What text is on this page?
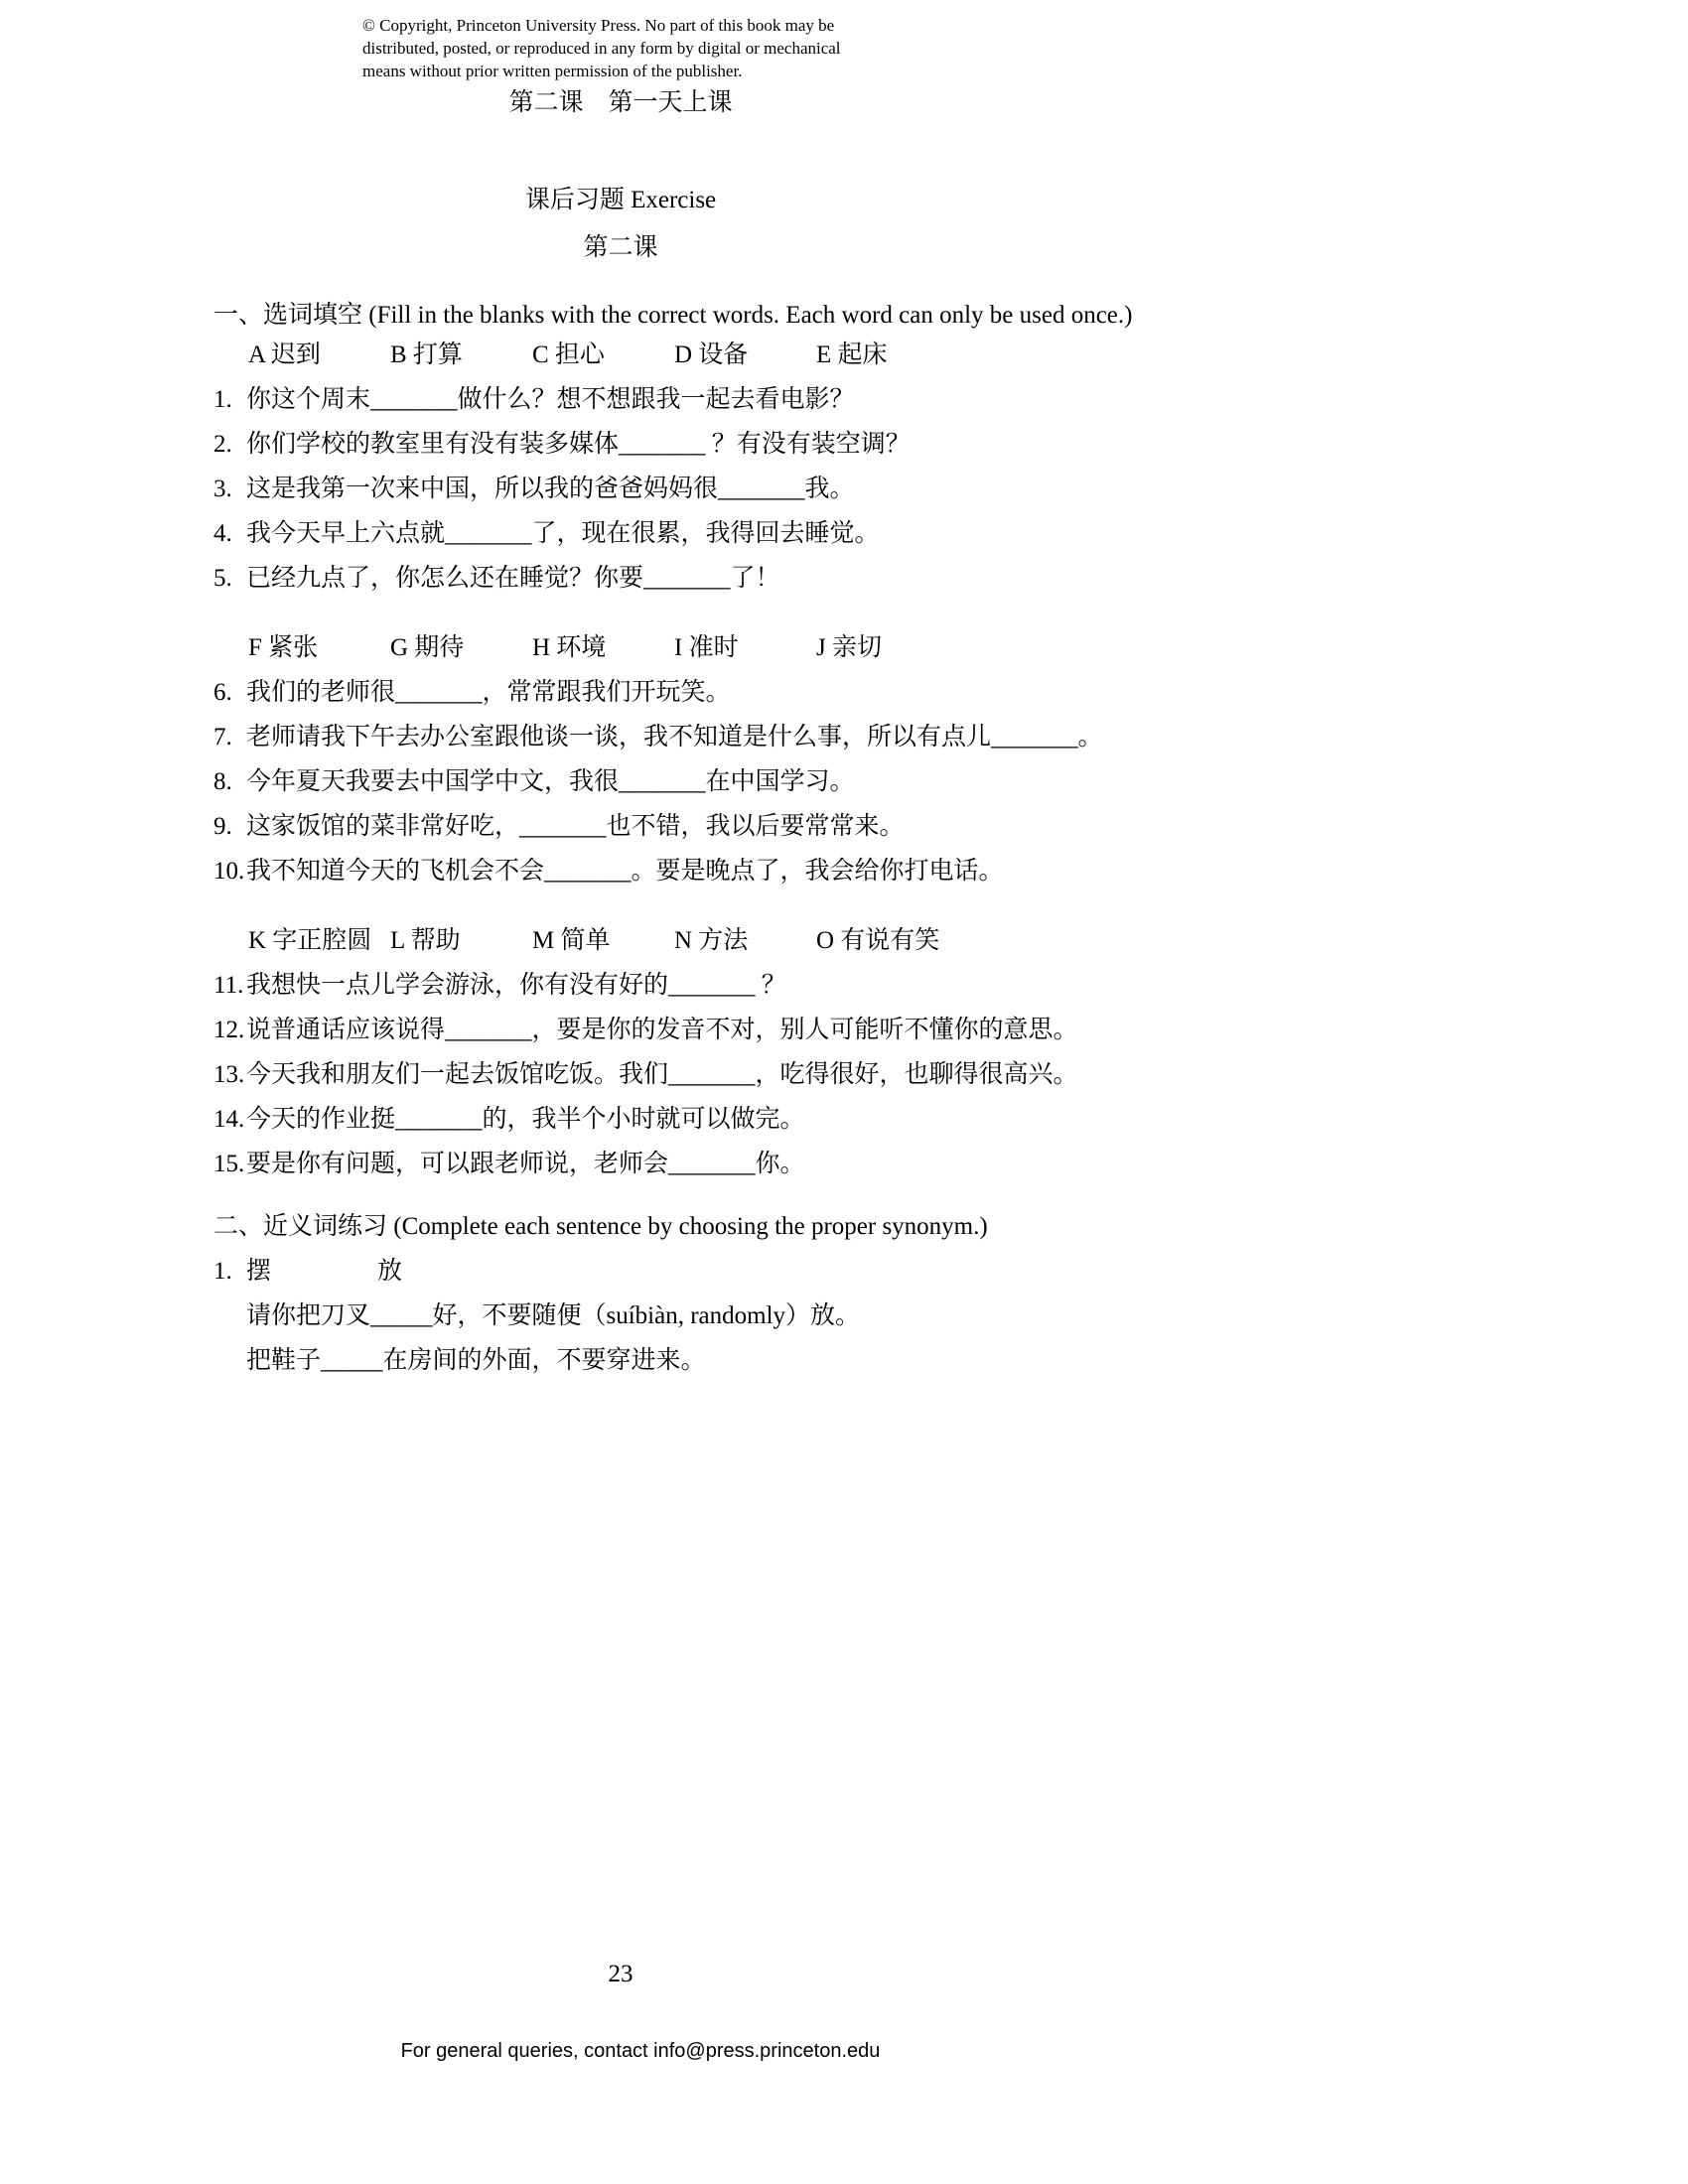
© Copyright, Princeton University Press. No part of this book may be

distributed, posted, or reproduced in any form by digital or mechanical

means without prior written permission of the publisher.

第二课　第一天上课
课后习题 Exercise
第二课
一、选词填空 (Fill in the blanks with the correct words. Each word can only be used once.)
A 迟到	B 打算	C 担心	D 设备	E 起床
1. 你这个周末_______做什么？想不想跟我一起去看电影？
2. 你们学校的教室里有没有装多媒体_______ ？有没有装空调？
3. 这是我第一次来中国，所以我的爸爸妈妈很_______我。
4. 我今天早上六点就_______了，现在很累，我得回去睡觉。
5. 已经九点了，你怎么还在睡觉？你要_______了！
F 紧张	G 期待	H 环境	I 准时	J 亲切
6. 我们的老师很_______，常常跟我们开玩笑。
7. 老师请我下午去办公室跟他谈一谈，我不知道是什么事，所以有点儿_______。
8. 今年夏天我要去中国学中文，我很_______在中国学习。
9. 这家饭馆的菜非常好吃，_______也不错，我以后要常常来。
10.我不知道今天的飞机会不会_______。要是晚点了，我会给你打电话。
K 字正腔圆 L 帮助	M 简单	N 方法	O 有说有笑
11. 我想快一点儿学会游泳，你有没有好的_______ ？
12.说普通话应该说得_______，要是你的发音不对，别人可能听不懂你的意思。
13.今天我和朋友们一起去饭馆吃饭。我们_______，吃得很好，也聊得很高兴。
14.今天的作业挺_______的，我半个小时就可以做完。
15.要是你有问题，可以跟老师说，老师会_______你。
二、近义词练习 (Complete each sentence by choosing the proper synonym.)
1. 摆	放
请你把刀叉_____好，不要随便（suíbiàn, randomly）放。
把鞋子_____在房间的外面，不要穿进来。
23
For general queries, contact info@press.princeton.edu
